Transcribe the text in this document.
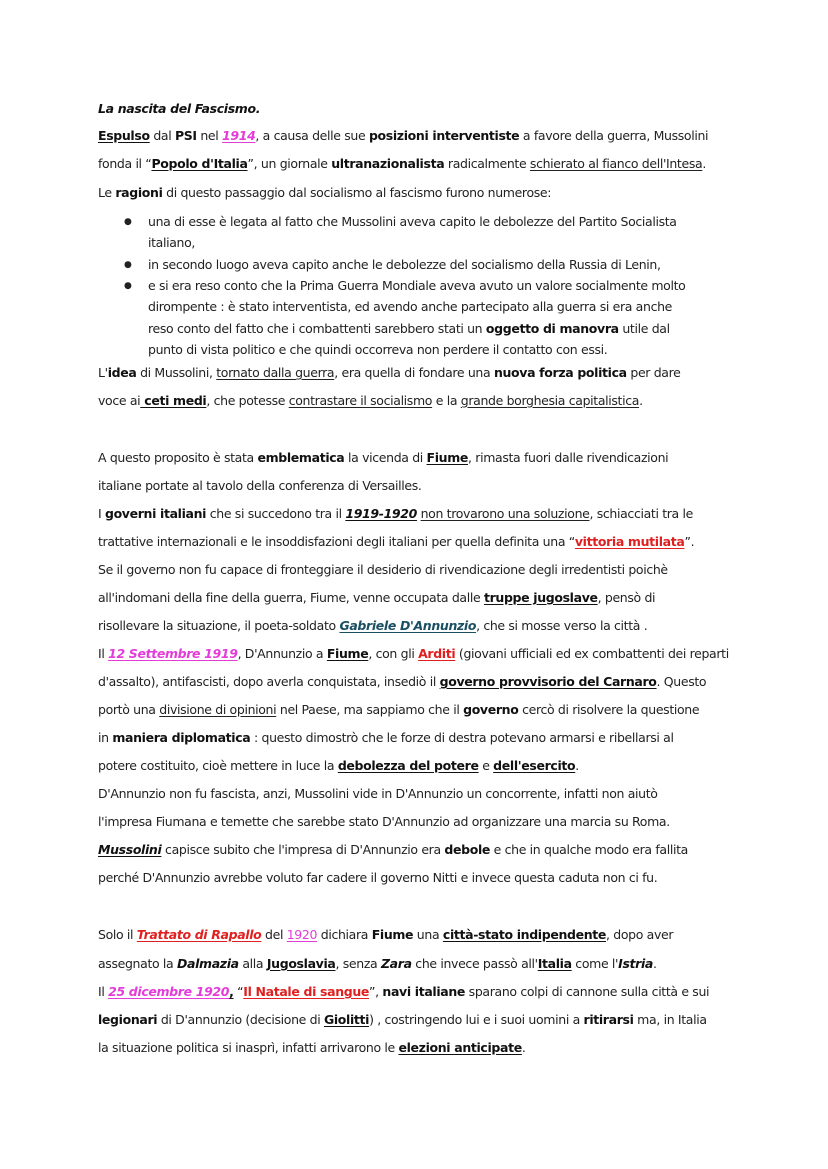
La nascita del Fascismo.
Espulso dal PSI nel 1914, a causa delle sue posizioni interventiste a favore della guerra, Mussolini
fonda il “Popolo d'Italia”, un giornale ultranazionalista radicalmente schierato al fianco dell'Intesa.
Le ragioni di questo passaggio dal socialismo al fascismo furono numerose:
● una di esse è legata al fatto che Mussolini aveva capito le debolezze del Partito Socialista
italiano,
● in secondo luogo aveva capito anche le debolezze del socialismo della Russia di Lenin,
● e si era reso conto che la Prima Guerra Mondiale aveva avuto un valore socialmente molto
dirompente : è stato interventista, ed avendo anche partecipato alla guerra si era anche
reso conto del fatto che i combattenti sarebbero stati un oggetto di manovra utile dal
punto di vista politico e che quindi occorreva non perdere il contatto con essi.
L'idea di Mussolini, tornato dalla guerra, era quella di fondare una nuova forza politica per dare
voce ai ceti medi, che potesse contrastare il socialismo e la grande borghesia capitalistica.
A questo proposito è stata emblematica la vicenda di Fiume, rimasta fuori dalle rivendicazioni
italiane portate al tavolo della conferenza di Versailles.
I governi italiani che si succedono tra il 1919-1920 non trovarono una soluzione, schiacciati tra le
trattative internazionali e le insoddisfazioni degli italiani per quella definita una “vittoria mutilata”.
Se il governo non fu capace di fronteggiare il desiderio di rivendicazione degli irredentisti poichè
all'indomani della fine della guerra, Fiume, venne occupata dalle truppe jugoslave, pensò di
risollevare la situazione, il poeta-soldato Gabriele D'Annunzio, che si mosse verso la città .
Il 12 Settembre 1919, D'Annunzio a Fiume, con gli Arditi (giovani ufficiali ed ex combattenti dei reparti
d'assalto), antifascisti, dopo averla conquistata, insediò il governo provvisorio del Carnaro. Questo
portò una divisione di opinioni nel Paese, ma sappiamo che il governo cercò di risolvere la questione
in maniera diplomatica : questo dimostrò che le forze di destra potevano armarsi e ribellarsi al
potere costituito, cioè mettere in luce la debolezza del potere e dell'esercito.
D'Annunzio non fu fascista, anzi, Mussolini vide in D'Annunzio un concorrente, infatti non aiutò
l'impresa Fiumana e temette che sarebbe stato D'Annunzio ad organizzare una marcia su Roma.
Mussolini capisce subito che l'impresa di D'Annunzio era debole e che in qualche modo era fallita
perché D'Annunzio avrebbe voluto far cadere il governo Nitti e invece questa caduta non ci fu.
Solo il Trattato di Rapallo del 1920 dichiara Fiume una città-stato indipendente, dopo aver
assegnato la Dalmazia alla Jugoslavia, senza Zara che invece passò all'Italia come l'Istria.
Il 25 dicembre 1920, “Il Natale di sangue”, navi italiane sparano colpi di cannone sulla città e sui
legionari di D'annunzio (decisione di Giolitti) , costringendo lui e i suoi uomini a ritirarsi ma, in Italia
la situazione politica si inasprì, infatti arrivarono le elezioni anticipate.
